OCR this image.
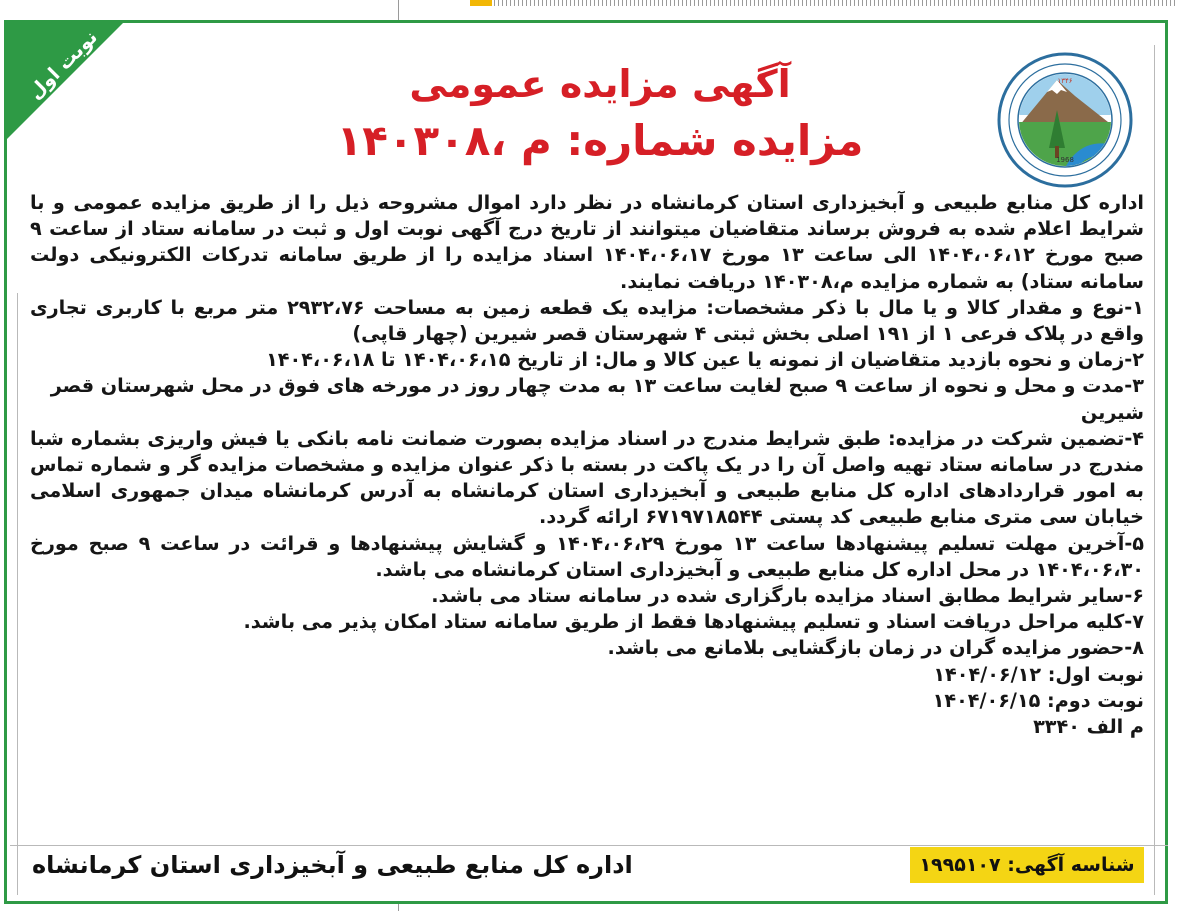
نوبت اول	۱۳۴۶
1968
آگهی مزایده عمومی
مزایده شماره: م ،۱۴۰۳۰۸

اداره کل منابع طبیعی و آبخیزداری استان کرمانشاه در نظر دارد اموال مشروحه ذیل را از طریق مزایده عمومی و با شرایط اعلام شده به فروش برساند متقاضیان میتوانند از تاریخ درج آگهی نوبت اول و ثبت در سامانه ستاد از ساعت ۹ صبح مورخ ۱۴۰۴،۰۶،۱۲ الی ساعت ۱۳ مورخ ۱۴۰۴،۰۶،۱۷ اسناد مزایده را از طریق سامانه تدرکات الکترونیکی دولت سامانه ستاد) به شماره مزایده م،۱۴۰۳۰۸ دریافت نمایند.

۱-نوع و مقدار کالا و یا مال با ذکر مشخصات: مزایده یک قطعه زمین به مساحت ۲۹۳۲،۷۶ متر مربع با کاربری تجاری واقع در پلاک فرعی ۱ از ۱۹۱ اصلی بخش ثبتی ۴ شهرستان قصر شیرین (چهار قاپی)

۲-زمان و نحوه بازدید متقاضیان از نمونه یا عین کالا و مال: از تاریخ ۱۴۰۴،۰۶،۱۵ تا ۱۴۰۴،۰۶،۱۸

۳-مدت و محل و نحوه از ساعت ۹ صبح لغایت ساعت ۱۳ به مدت چهار روز در مورخه های فوق در محل شهرستان قصر شیرین

۴-تضمین شرکت در مزایده: طبق شرایط مندرج در اسناد مزایده بصورت ضمانت نامه بانکی یا فیش واریزی بشماره شبا مندرج در سامانه ستاد تهیه واصل آن را در یک پاکت در بسته با ذکر عنوان مزایده و مشخصات مزایده گر و شماره تماس به امور قراردادهای اداره کل منابع طبیعی و آبخیزداری استان کرمانشاه به آدرس کرمانشاه میدان جمهوری اسلامی خیابان سی متری منابع طبیعی کد پستی ۶۷۱۹۷۱۸۵۴۴ ارائه گردد.

۵-آخرین مهلت تسلیم پیشنهادها ساعت ۱۳ مورخ ۱۴۰۴،۰۶،۲۹ و گشایش پیشنهادها و قرائت در ساعت ۹ صبح مورخ ۱۴۰۴،۰۶،۳۰ در محل اداره کل منابع طبیعی و آبخیزداری استان کرمانشاه می باشد.

۶-سایر شرایط مطابق اسناد مزایده بارگزاری شده در سامانه ستاد می باشد.

۷-کلیه مراحل دریافت اسناد و تسلیم پیشنهادها فقط از طریق سامانه ستاد امکان پذیر می باشد.

۸-حضور مزایده گران در زمان بازگشایی بلامانع می باشد.

نوبت اول: ۱۴۰۴/۰۶/۱۲

نوبت دوم: ۱۴۰۴/۰۶/۱۵

م الف ۳۳۴۰

شناسه آگهی: ۱۹۹۵۱۰۷
اداره کل منابع طبیعی و آبخیزداری استان کرمانشاه
